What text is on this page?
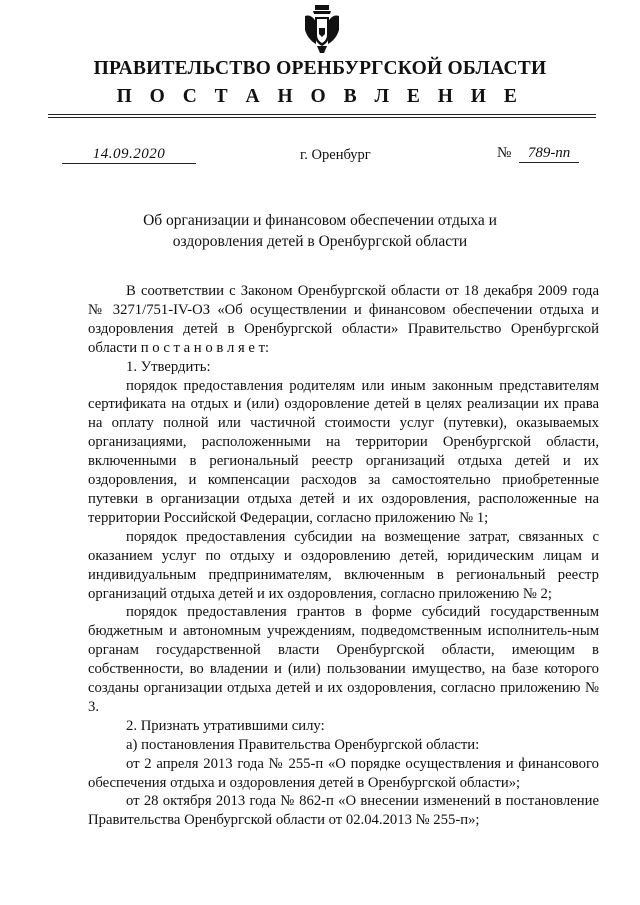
ПРАВИТЕЛЬСТВО ОРЕНБУРГСКОЙ ОБЛАСТИ
П О С Т А Н О В Л Е Н И Е
14.09.2020	г. Оренбург	№ 789-пп
Об организации и финансовом обеспечении отдыха и
оздоровления детей в Оренбургской области

В соответствии с Законом Оренбургской области от 18 декабря 2009 года № 3271/751-IV-ОЗ «Об осуществлении и финансовом обеспечении отдыха и оздоровления детей в Оренбургской области» Правительство Оренбургской области п о с т а н о в л я е т:

1. Утвердить:

порядок предоставления родителям или иным законным представителям сертификата на отдых и (или) оздоровление детей в целях реализации их права на оплату полной или частичной стоимости услуг (путевки), оказываемых организациями, расположенными на территории Оренбургской области, включенными в региональный реестр организаций отдыха детей и их оздоровления, и компенсации расходов за самостоятельно приобретенные путевки в организации отдыха детей и их оздоровления, расположенные на территории Российской Федерации, согласно приложению № 1;

порядок предоставления субсидии на возмещение затрат, связанных с оказанием услуг по отдыху и оздоровлению детей, юридическим лицам и индивидуальным предпринимателям, включенным в региональный реестр организаций отдыха детей и их оздоровления, согласно приложению № 2;

порядок предоставления грантов в форме субсидий государственным бюджетным и автономным учреждениям, подведомственным исполнитель-ным органам государственной власти Оренбургской области, имеющим в собственности, во владении и (или) пользовании имущество, на базе которого созданы организации отдыха детей и их оздоровления, согласно приложению № 3.

2. Признать утратившими силу:

а) постановления Правительства Оренбургской области:

от 2 апреля 2013 года № 255-п «О порядке осуществления и финансового обеспечения отдыха и оздоровления детей в Оренбургской области»;

от 28 октября 2013 года № 862-п «О внесении изменений в постановление Правительства Оренбургской области от 02.04.2013 № 255-п»;
